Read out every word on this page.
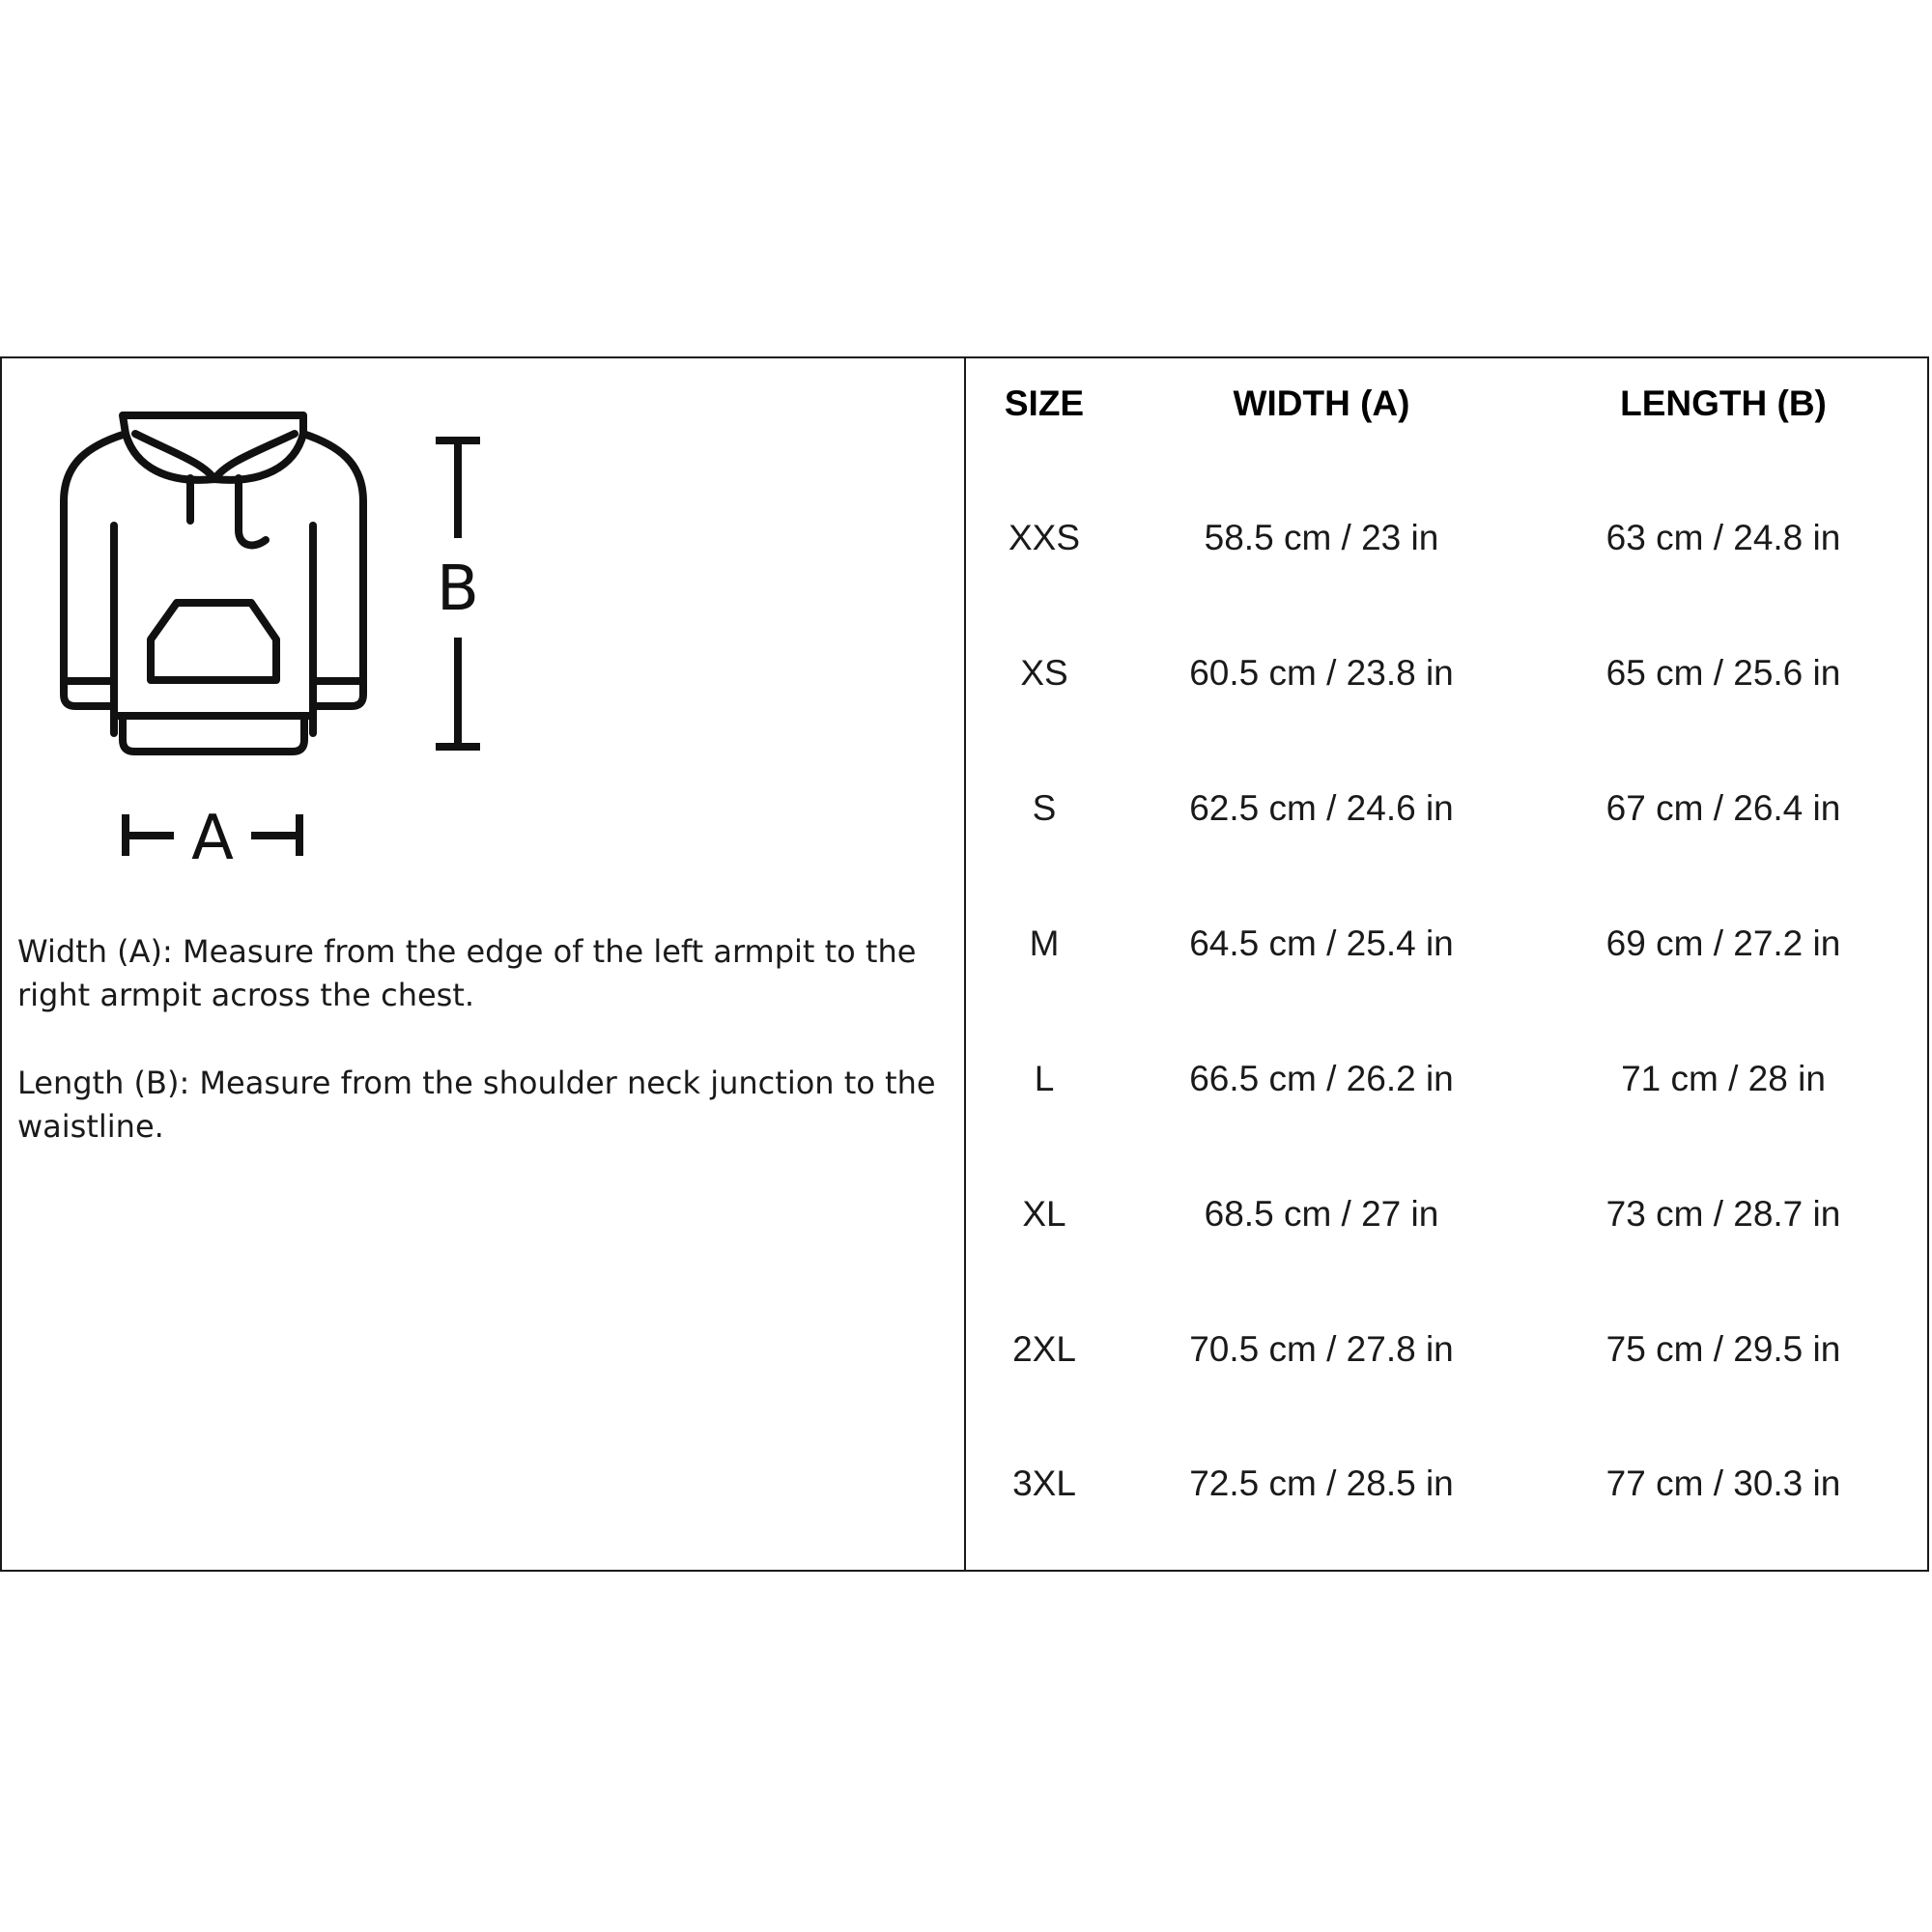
B
A

Width (A): Measure from the edge of the left armpit to the right armpit across the chest.

Length (B): Measure from the shoulder neck junction to the waistline.

SIZE	WIDTH (A)	LENGTH (B)
XXS	58.5 cm / 23 in	63 cm / 24.8 in
XS	60.5 cm / 23.8 in	65 cm / 25.6 in
S	62.5 cm / 24.6 in	67 cm / 26.4 in
M	64.5 cm / 25.4 in	69 cm / 27.2 in
L	66.5 cm / 26.2 in	71 cm / 28 in
XL	68.5 cm / 27 in	73 cm / 28.7 in
2XL	70.5 cm / 27.8 in	75 cm / 29.5 in
3XL	72.5 cm / 28.5 in	77 cm / 30.3 in
